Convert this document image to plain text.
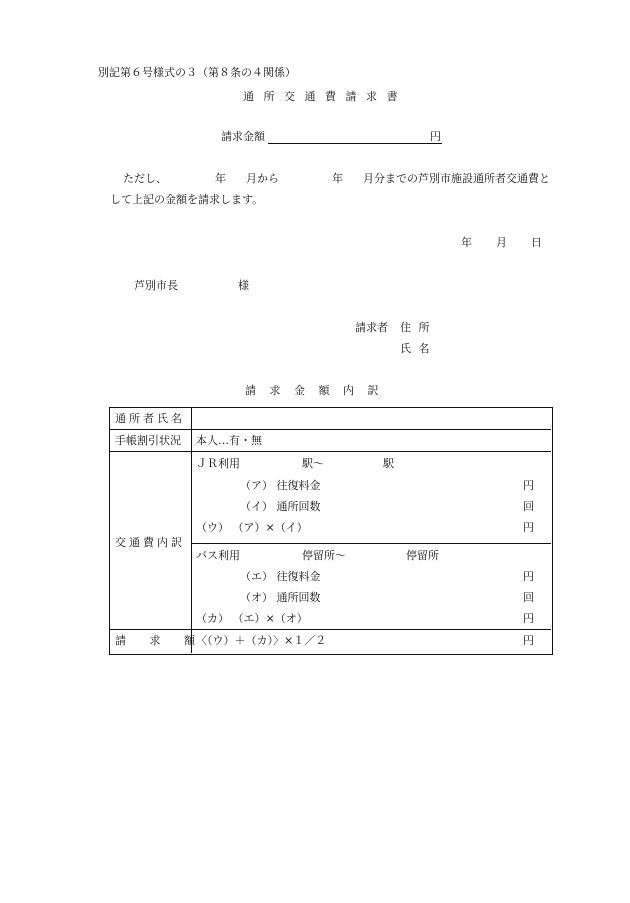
別記第６号様式の３（第８条の４関係）
通 所 交 通 費 請 求 書
請求金額	円
ただし、	年 月から	年 月分までの芦別市施設通所者交通費と
して上記の金額を請求します。
年 月 日
芦別市長	様
請求者 住 所
氏 名
請 求 金 額 内 訳
通所者氏名
手帳割引状況 本人…有・無
交通費内訳
ＪＲ利用	駅〜	駅
（ア） 往復料金	円
（イ） 通所回数	回
（ウ） （ア）×（イ）	円
バス利用	停留所〜	停留所
（エ） 往復料金	円
（オ） 通所回数	回
（カ） （エ）×（オ）	円
請 求 額
〈（ウ）＋（カ）〉×１／２	円
